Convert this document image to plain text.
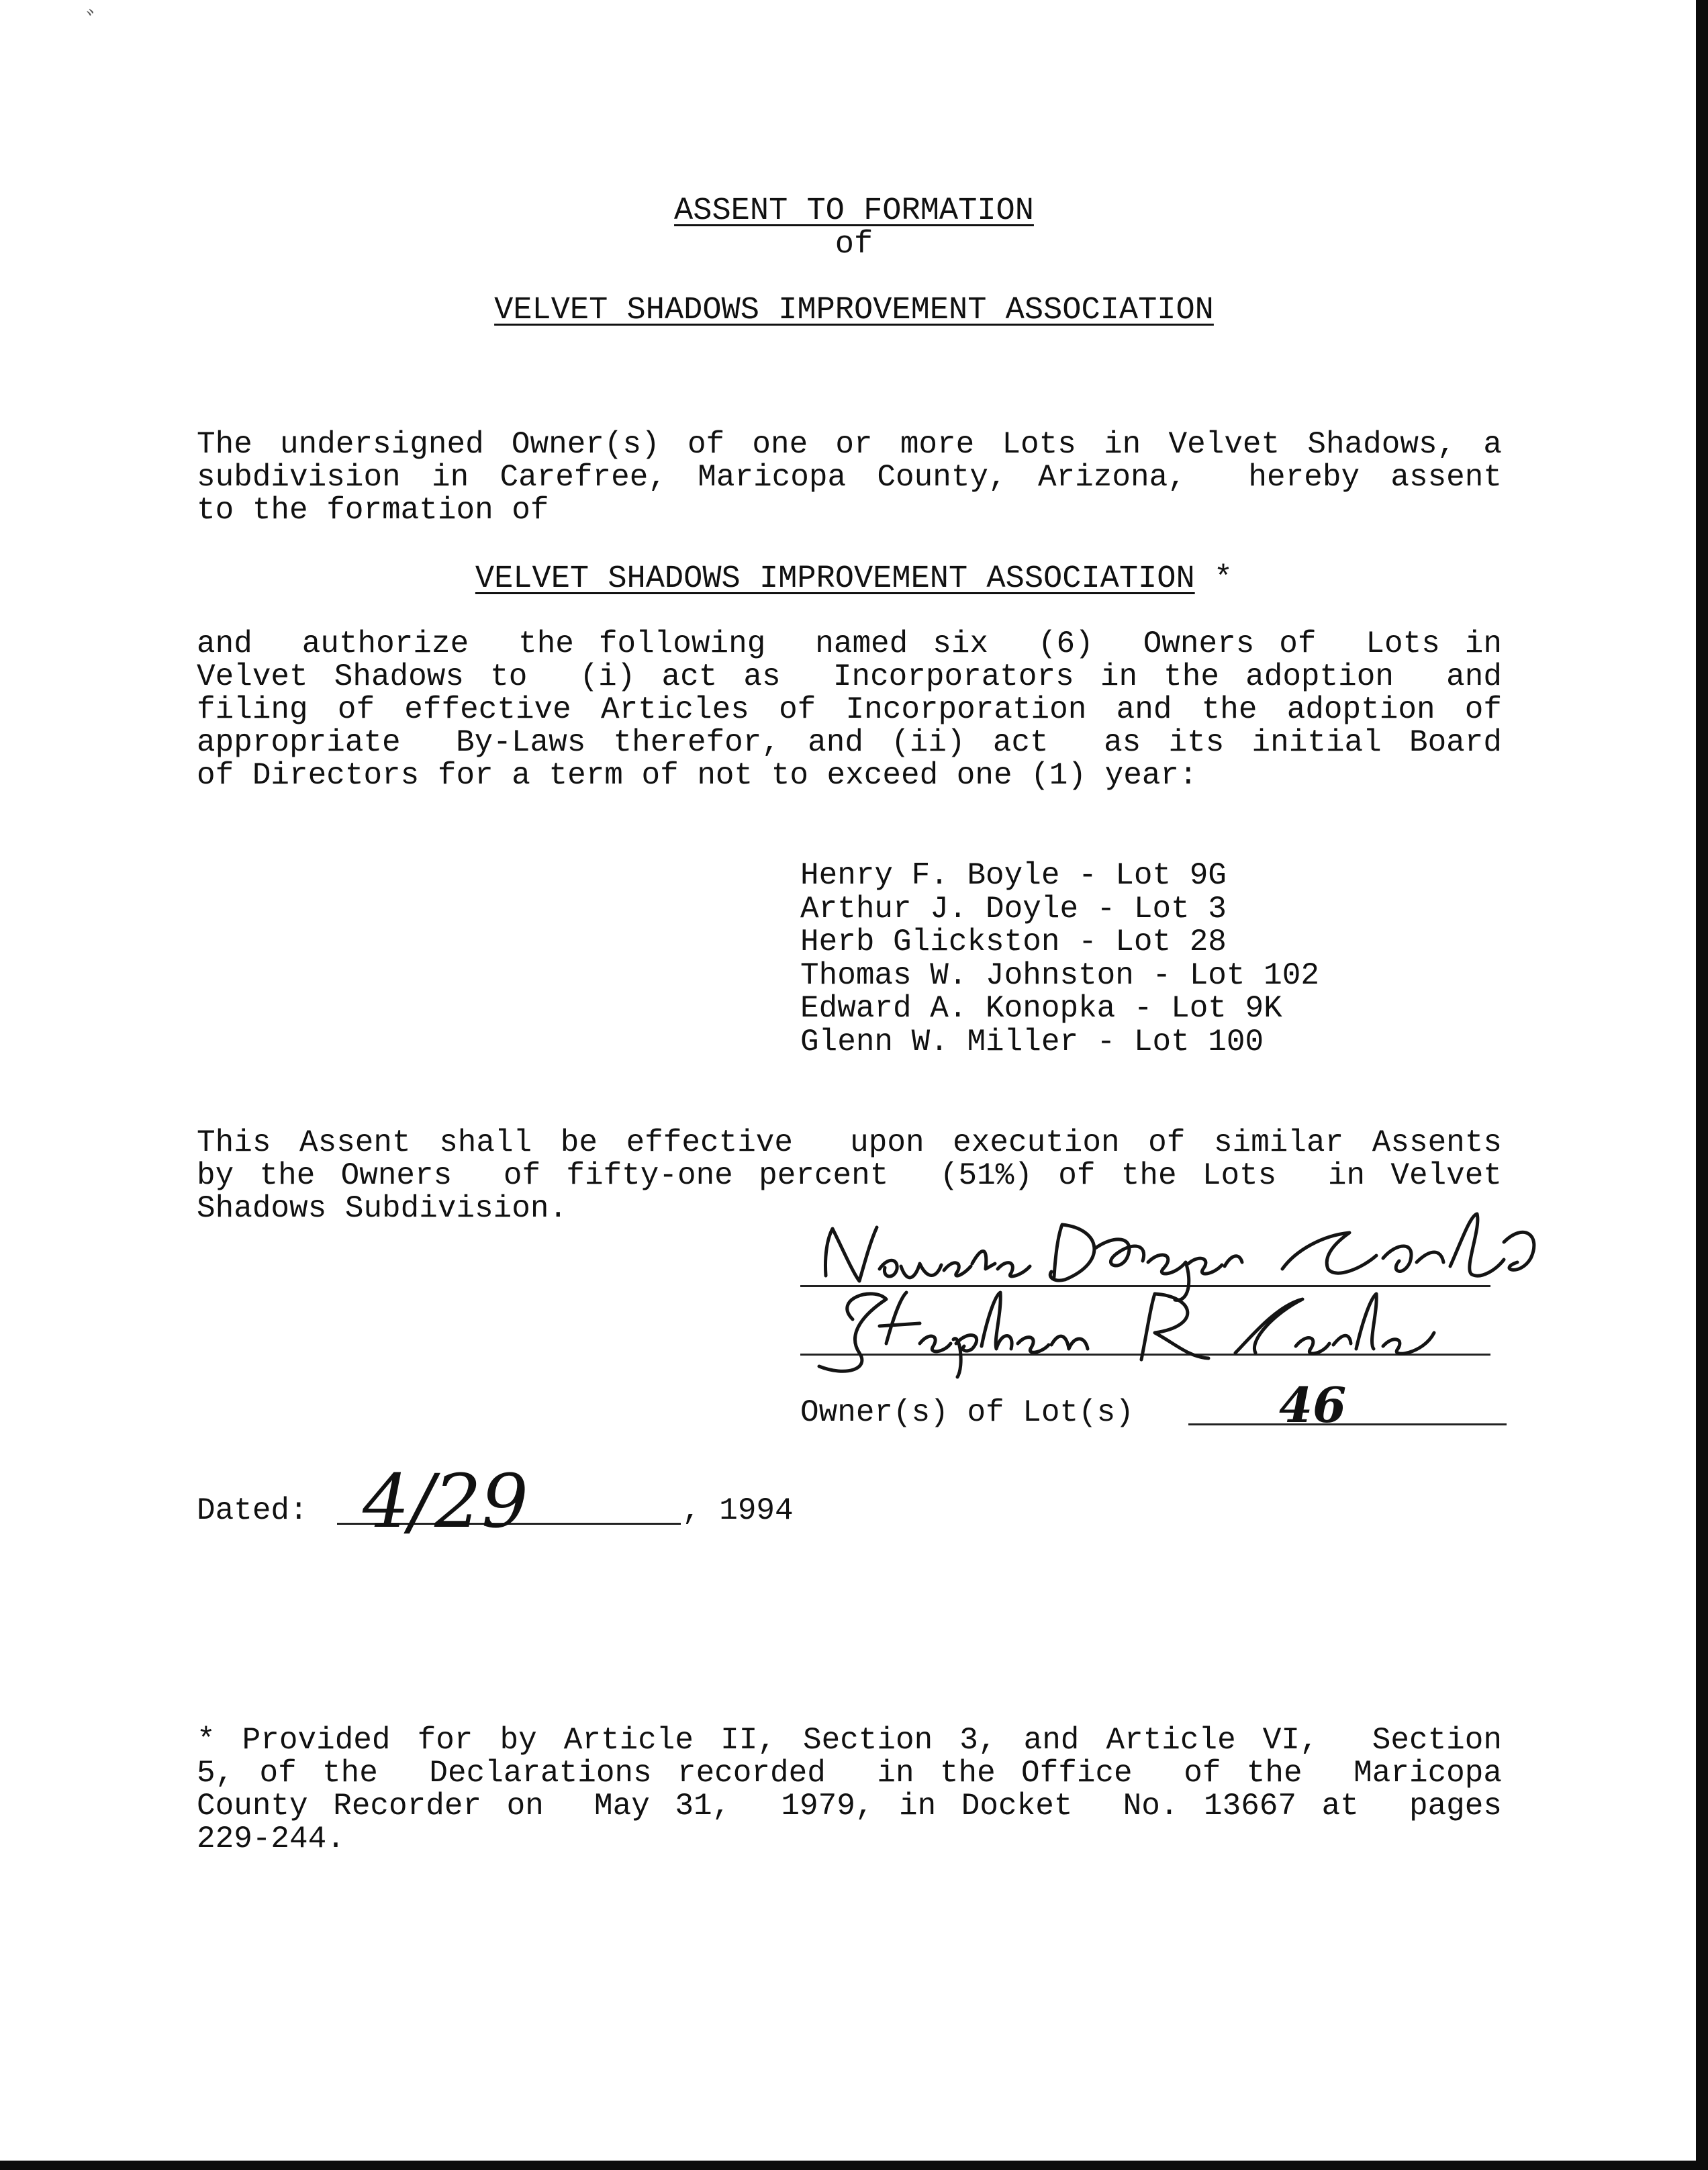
ﾞ

ASSENT TO FORMATION

of

VELVET SHADOWS IMPROVEMENT ASSOCIATION

The undersigned Owner(s) of one or more Lots in Velvet Shadows, a
subdivision in Carefree, Maricopa County, Arizona,  hereby assent
to the formation of

VELVET SHADOWS IMPROVEMENT ASSOCIATION *

and  authorize  the following  named six  (6)  Owners of  Lots in
Velvet Shadows to  (i) act as  Incorporators in the adoption  and
filing of effective Articles of Incorporation and the adoption of
appropriate  By-Laws therefor, and (ii) act  as its initial Board
of Directors for a term of not to exceed one (1) year:
Henry F. Boyle - Lot 9G
Arthur J. Doyle - Lot 3
Herb Glickston - Lot 28
Thomas W. Johnston - Lot 102
Edward A. Konopka - Lot 9K
Glenn W. Miller - Lot 100
This Assent shall be effective  upon execution of similar Assents
by the Owners  of fifty-one percent  (51%) of the Lots  in Velvet
Shadows Subdivision.

Owner(s) of Lot(s)	46

Dated: 4/29	, 1994

* Provided for by Article II, Section 3, and Article VI,  Section
5, of the  Declarations recorded  in the Office  of the  Maricopa
County Recorder on  May 31,  1979, in Docket  No. 13667 at  pages
229-244.
